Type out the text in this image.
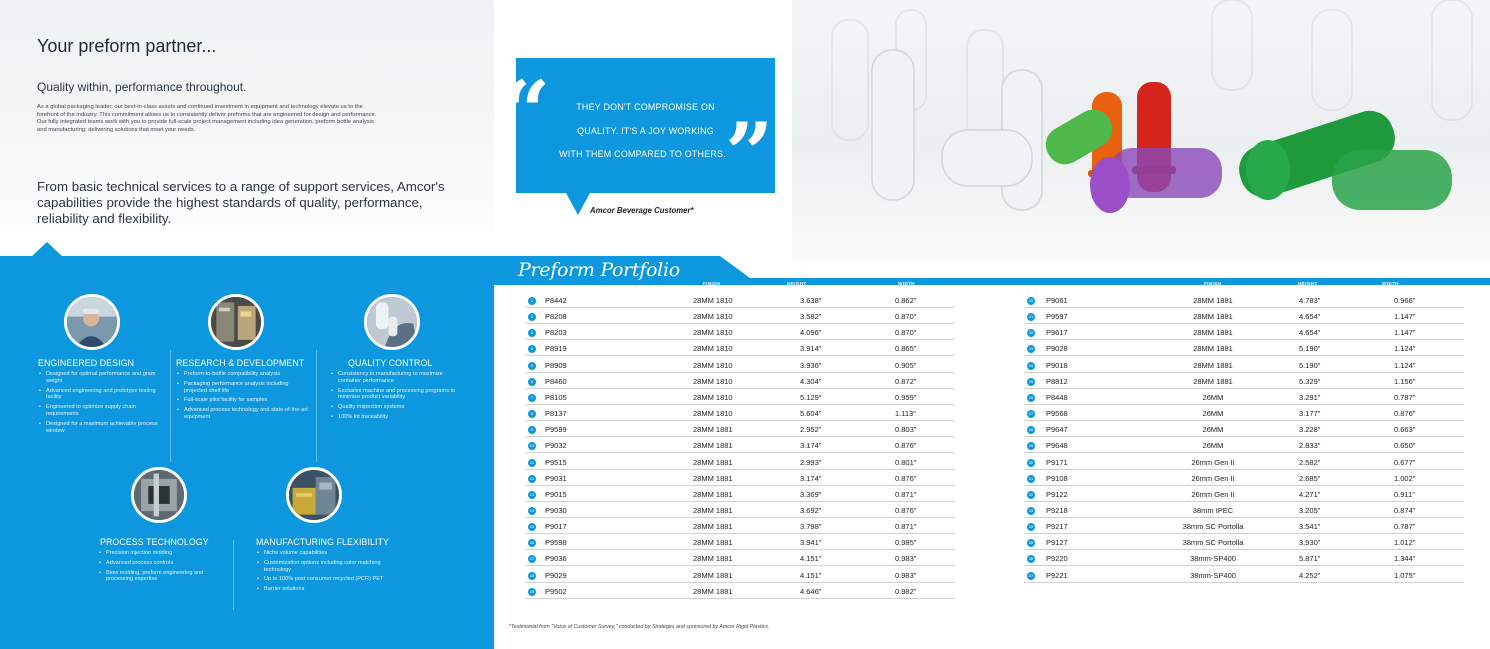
Your preform partner...
Quality within, performance throughout.
As a global packaging leader, our best-in-class assets and continued investment in equipment and technology elevate us to the forefront of the industry. This commitment allows us to consistently deliver preforms that are engineered for design and performance. Our fully integrated teams work with you to provide full-scale project management including idea generation, preform bottle analysis and manufacturing; delivering solutions that meet your needs.
From basic technical services to a range of support services, Amcor's capabilities provide the highest standards of quality, performance, reliability and flexibility.
ENGINEERED DESIGN
• Designed for optimal performance and gram weight
• Advanced engineering and prototype testing facility
• Engineered to optimize supply chain requirements
• Designed for a maximum achievable process window
RESEARCH & DEVELOPMENT
• Preform-to-bottle compatibility analysis
• Packaging performance analysis including projected shelf life
• Full-scale pilot facility for samples
• Advanced process technology and state-of-the-art equipment
QUALITY CONTROL
• Consistency in manufacturing to maximize container performance
• Exclusive machine and processing programs to minimize product variability
• Quality inspection systems
• 100% lot traceability
PROCESS TECHNOLOGY
• Precision injection molding
• Advanced process controls
• Blow molding, preform engineering and processing expertise
MANUFACTURING FLEXIBILITY
• Niche volume capabilities
• Customization options including color matching technology
• Up to 100% post consumer recycled (PCR) PET
• Barrier solutions
“ ”
THEY DON'T COMPROMISE ON
QUALITY. IT'S A JOY WORKING
WITH THEM COMPARED TO OTHERS.
Amcor Beverage Customer*
Preform Portfolio
FINISH	HEIGHT	WIDTH	FINISH	HEIGHT	WIDTH
1	P8442	28MM 1810	3.638"	0.862"
2	P8208	28MM 1810	3.582"	0.870"
3	P8203	28MM 1810	4.096"	0.870"
4	P8919	28MM 1810	3.914"	0.865"
5	P8909	28MM 1810	3.936"	0.905"
6	P8460	28MM 1810	4.304"	0.872"
7	P8105	28MM 1810	5.129"	0.959"
8	P8137	28MM 1810	5.604"	1.113"
9	P9599	28MM 1881	2.952"	0.803"
10 P9032	28MM 1881	3.174"	0.876"
11 P9515	28MM 1881	2.993"	0.801"
12 P9031	28MM 1881	3.174"	0.876"
13 P9015	28MM 1881	3.369"	0.871"
14 P9030	28MM 1881	3.692"	0.876"
15 P9017	28MM 1881	3.798"	0.871"
16 P9598	28MM 1881	3.941"	0.985"
17 P9036	28MM 1881	4.151"	0.983"
18 P9029	28MM 1881	4.151"	0.983"
19 P9502	28MM 1881	4.646"	0.982"
20 P9061	28MM 1881	4.783"	0.966"
21 P9597	28MM 1881	4.654"	1.147"
22 P9617	28MM 1881	4.654"	1.147"
23 P9028	28MM 1881	5.190"	1.124"
24 P9018	28MM 1881	5.190"	1.124"
25 P8812	28MM 1881	5.329"	1.156"
26 P8448	26MM	3.291"	0.787"
27 P9568	26MM	3.177"	0.876"
28 P9647	26MM	3.228"	0.663"
29 P9648	26MM	2.833"	0.650"
30 P9171	26mm Gen II	2.582"	0.677"
31 P9108	26mm Gen II	2.685"	1.002"
32 P9122	26mm Gen II	4.271"	0.911"
33 P9218	38mm IPEC	3.205"	0.874"
34 P9217	38mm SC Portolla	3.541"	0.787"
35 P9127	38mm SC Portolla	3.930"	1.012"
36 P9220	38mm-SP400	5.871"	1.344"
37 P9221	38mm-SP400	4.252"	1.075"
*Testimonial from "Voice of Customer Survey," conducted by Strategex and sponsored by Amcor Rigid Plastics.
